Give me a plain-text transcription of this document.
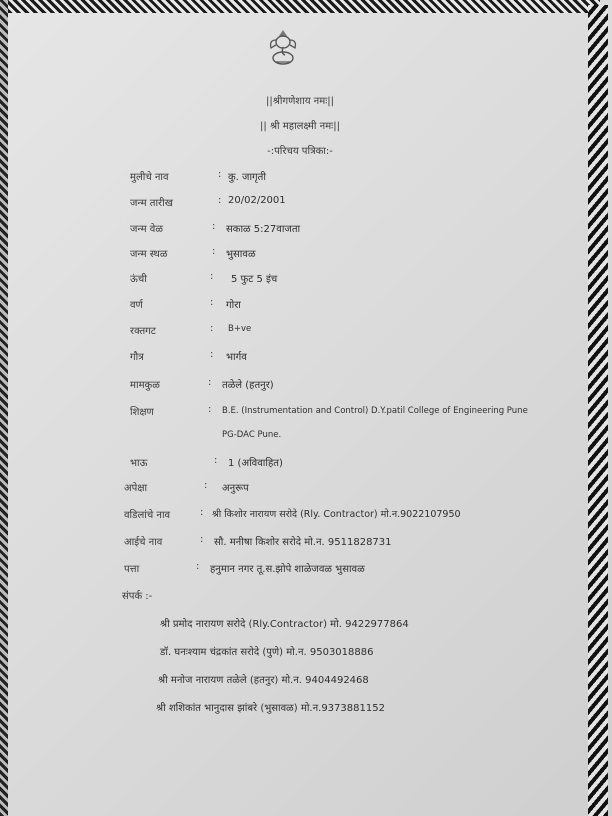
||श्रीगणेशाय नमः||
|| श्री महालक्ष्मी नमः||
-:परिचय पत्रिका:-
मुलीचे नाव	: कु. जागृती
जन्म तारीख	: 20/02/2001
जन्म वेळ	: सकाळ 5:27वाजता
जन्म स्थळ	: भुसावळ
ऊंची	: 5 फुट 5 इंच
वर्ण	: गोरा
रक्तगट	: B+ve
गौत्र	: भार्गव
मामकुळ	: तळेले (हतनुर)
शिक्षण	: B.E. (Instrumentation and Control) D.Y.patil College of Engineering Pune
PG-DAC Pune.
भाऊ	: 1 (अविवाहित)
अपेक्षा	: अनुरूप
वडिलांचे नाव	: श्री किशोर नारायण सरोदे (Rly. Contractor) मो.न.9022107950
आईचे नाव	: सौ. मनीषा किशोर सरोदे मो.न. 9511828731
पत्ता	: हनुमान नगर तू.स.झोपे शाळेजवळ भुसावळ
संपर्क :-
श्री प्रमोद नारायण सरोदे (Rly.Contractor) मो. 9422977864
डॉ. घनःश्याम चंद्रकांत सरोदे (पुणे) मो.न. 9503018886
श्री मनोज नारायण तळेले (हतनुर) मो.न. 9404492468
श्री शशिकांत भानुदास झांबरे (भुसावळ) मो.न.9373881152
